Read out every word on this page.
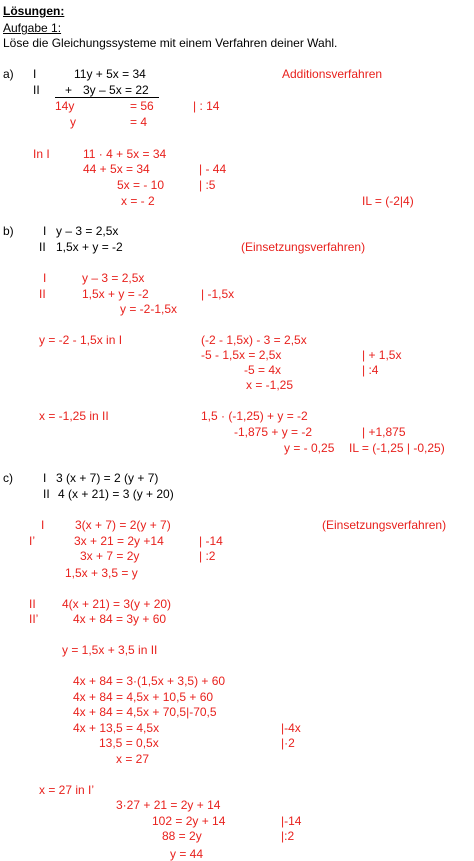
Lösungen:
Aufgabe 1:
Löse die Gleichungssysteme mit einem Verfahren deiner Wahl.
a) I	11y + 5x = 34	Additionsverfahren
II + 3y – 5x = 22
14y	= 56	| : 14
y	= 4
In I	11 · 4 + 5x = 34
44 + 5x = 34	| - 44
5x = - 10	| :5
x = - 2	IL = (-2|4)
b) I y – 3 = 2,5x
II 1,5x + y = -2	(Einsetzungsverfahren)
I	y – 3 = 2,5x
II	1,5x + y = -2	| -1,5x
y = -2-1,5x
y = -2 - 1,5x in I	(-2 - 1,5x) - 3 = 2,5x
-5 - 1,5x = 2,5x	| + 1,5x
-5 = 4x	| :4
x = -1,25
x = -1,25 in II	1,5 · (-1,25) + y = -2
-1,875 + y = -2	| +1,875
y = - 0,25 IL = (-1,25 | -0,25)
c)	I 3 (x + 7) = 2 (y + 7)
II 4 (x + 21) = 3 (y + 20)
I	3(x + 7) = 2(y + 7)	(Einsetzungsverfahren)
I’	3x + 21 = 2y +14	| -14
3x + 7 = 2y	| :2
1,5x + 3,5 = y
II 4(x + 21) = 3(y + 20)
II’	4x + 84 = 3y + 60
y = 1,5x + 3,5 in II
4x + 84 = 3·(1,5x + 3,5) + 60
4x + 84 = 4,5x + 10,5 + 60
4x + 84 = 4,5x + 70,5|-70,5
4x + 13,5 = 4,5x	|-4x
13,5 = 0,5x	|·2
x = 27
x = 27 in I’
3·27 + 21 = 2y + 14
102 = 2y + 14	|-14
88 = 2y	|:2
y = 44
